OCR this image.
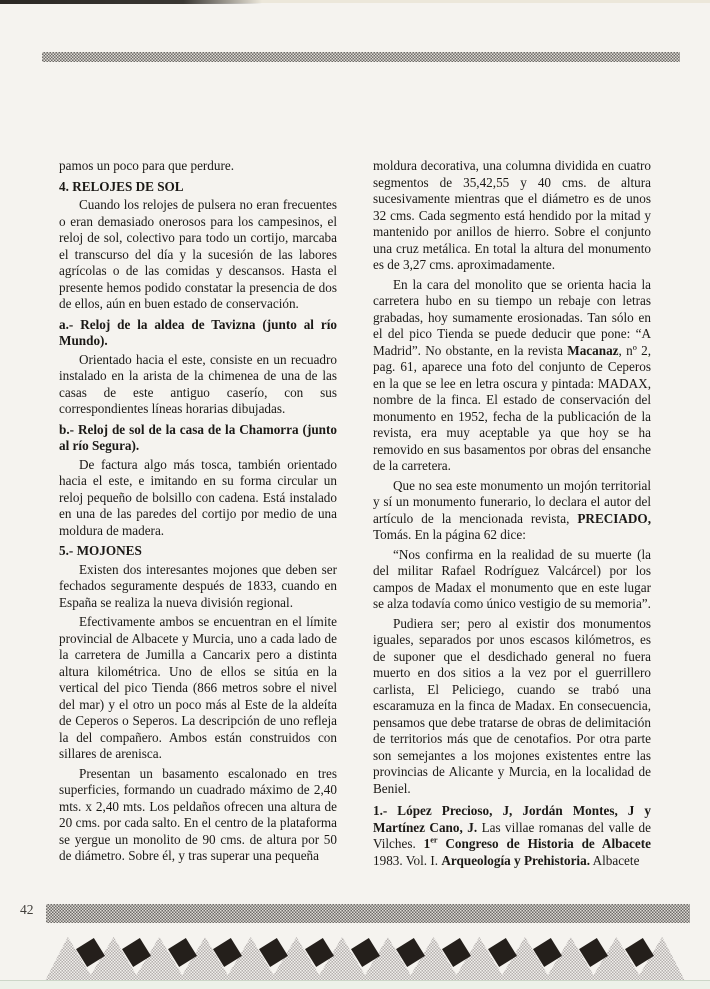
pamos un poco para que perdure.

4. RELOJES DE SOL

Cuando los relojes de pulsera no eran frecuentes o eran demasiado onerosos para los campesinos, el reloj de sol, colectivo para todo un cortijo, marcaba el transcurso del día y la sucesión de las labores agrícolas o de las comidas y descansos. Hasta el presente hemos podido constatar la presencia de dos de ellos, aún en buen estado de conservación.

a.- Reloj de la aldea de Tavizna (junto al río Mundo).

Orientado hacia el este, consiste en un recuadro instalado en la arista de la chimenea de una de las casas de este antiguo caserío, con sus correspondientes líneas horarias dibujadas.

b.- Reloj de sol de la casa de la Chamorra (junto al río Segura).

De factura algo más tosca, también orientado hacia el este, e imitando en su forma circular un reloj pequeño de bolsillo con cadena. Está instalado en una de las paredes del cortijo por medio de una moldura de madera.

5.- MOJONES

Existen dos interesantes mojones que deben ser fechados seguramente después de 1833, cuando en España se realiza la nueva división regional.

Efectivamente ambos se encuentran en el límite provincial de Albacete y Murcia, uno a cada lado de la carretera de Jumilla a Cancarix pero a distinta altura kilométrica. Uno de ellos se sitúa en la vertical del pico Tienda (866 metros sobre el nivel del mar) y el otro un poco más al Este de la aldeíta de Ceperos o Seperos. La descripción de uno refleja la del compañero. Ambos están construidos con sillares de arenisca.

Presentan un basamento escalonado en tres superficies, formando un cuadrado máximo de 2,40 mts. x 2,40 mts. Los peldaños ofrecen una altura de 20 cms. por cada salto. En el centro de la plataforma se yergue un monolito de 90 cms. de altura por 50 de diámetro. Sobre él, y tras superar una pequeña

moldura decorativa, una columna dividida en cuatro segmentos de 35,42,55 y 40 cms. de altura sucesivamente mientras que el diámetro es de unos 32 cms. Cada segmento está hendido por la mitad y mantenido por anillos de hierro. Sobre el conjunto una cruz metálica. En total la altura del monumento es de 3,27 cms. aproximadamente.

En la cara del monolito que se orienta hacia la carretera hubo en su tiempo un rebaje con letras grabadas, hoy sumamente erosionadas. Tan sólo en el del pico Tienda se puede deducir que pone: “A Madrid”. No obstante, en la revista Macanaz, nº 2, pag. 61, aparece una foto del conjunto de Ceperos en la que se lee en letra oscura y pintada: MADAX, nombre de la finca. El estado de conservación del monumento en 1952, fecha de la publicación de la revista, era muy aceptable ya que hoy se ha removido en sus basamentos por obras del ensanche de la carretera.

Que no sea este monumento un mojón territorial y sí un monumento funerario, lo declara el autor del artículo de la mencionada revista, PRECIADO, Tomás. En la página 62 dice:

“Nos confirma en la realidad de su muerte (la del militar Rafael Rodríguez Valcárcel) por los campos de Madax el monumento que en este lugar se alza todavía como único vestigio de su memoria”.

Pudiera ser; pero al existir dos monumentos iguales, separados por unos escasos kilómetros, es de suponer que el desdichado general no fuera muerto en dos sitios a la vez por el guerrillero carlista, El Peliciego, cuando se trabó una escaramuza en la finca de Madax. En consecuencia, pensamos que debe tratarse de obras de delimitación de territorios más que de cenotafios. Por otra parte son semejantes a los mojones existentes entre las provincias de Alicante y Murcia, en la localidad de Beniel.

1.- López Precioso, J, Jordán Montes, J y Martínez Cano, J. Las villae romanas del valle de Vilches. 1er Congreso de Historia de Albacete 1983. Vol. I. Arqueología y Prehistoria. Albacete

42
